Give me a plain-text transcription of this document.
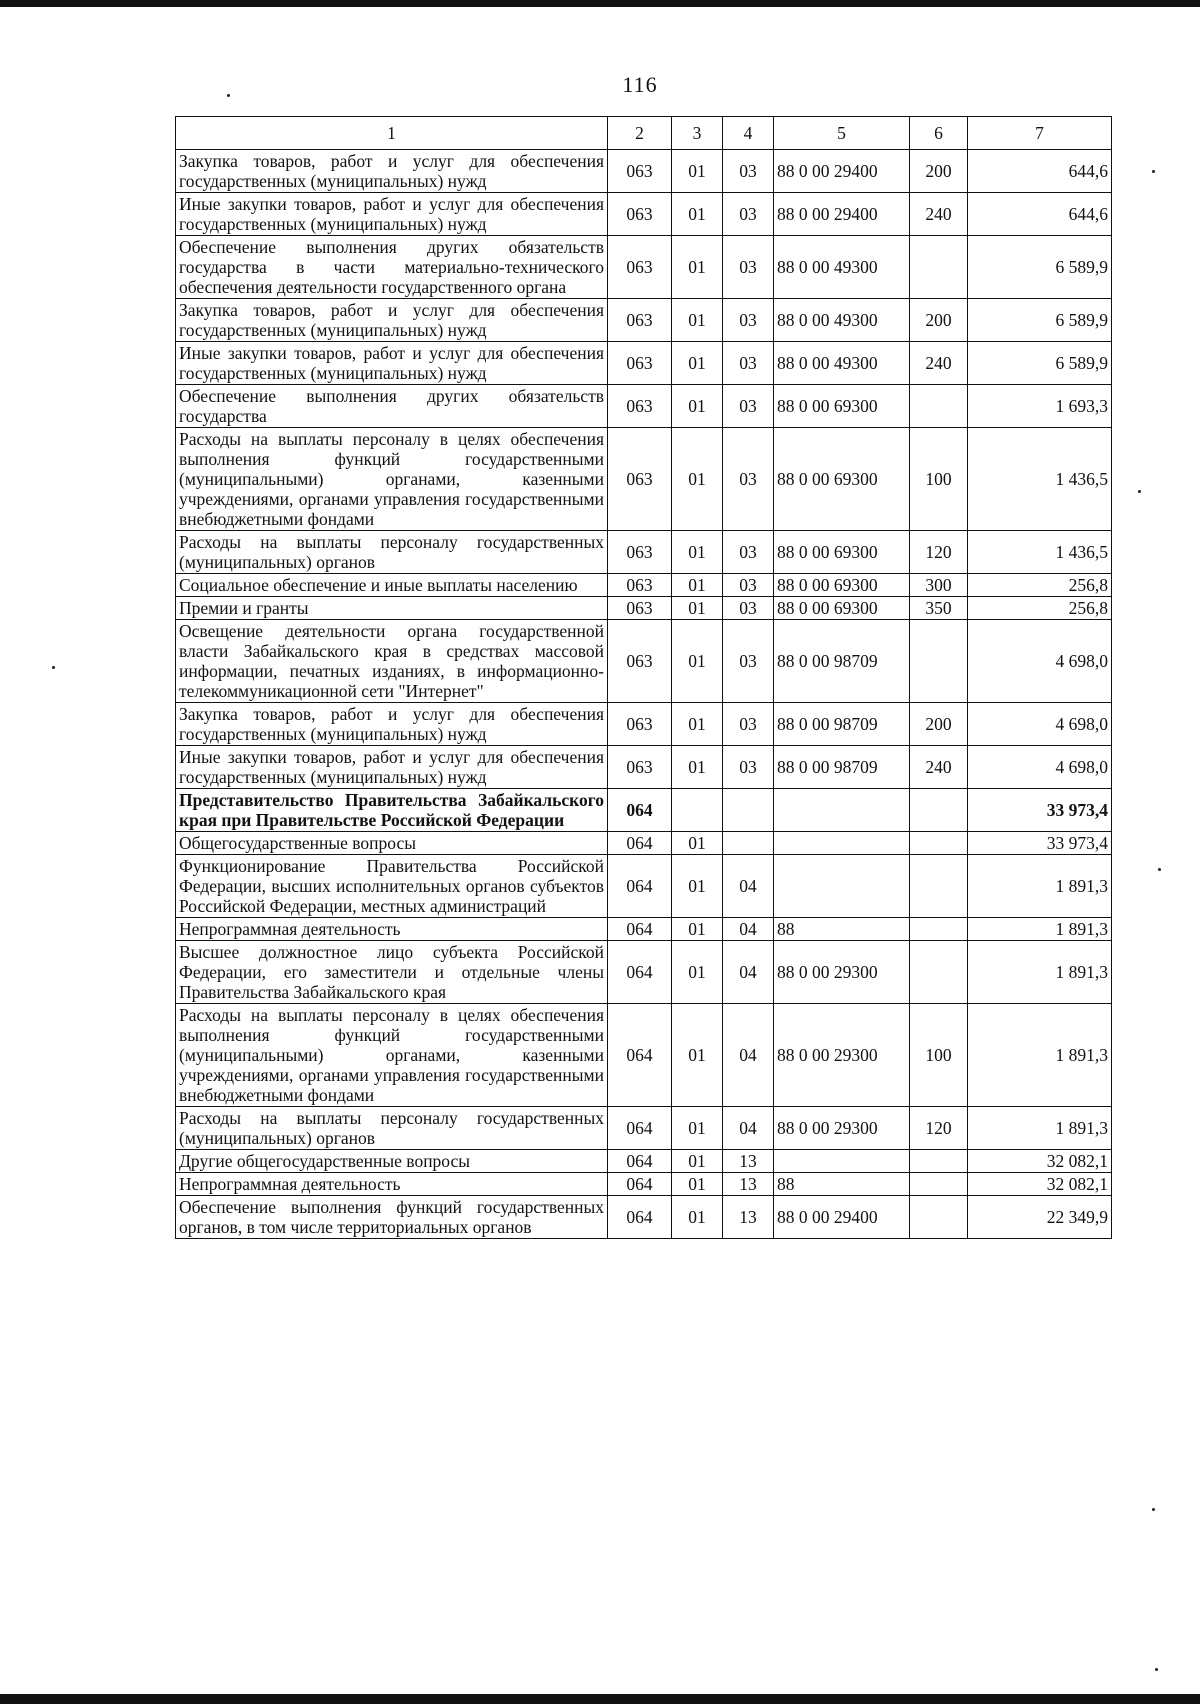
116
1	2	3	4	5	6	7
Закупка товаров, работ и услуг для обеспечения государственных (муниципальных) нужд	063	01	03	88 0 00 29400	200	644,6
Иные закупки товаров, работ и услуг для обеспечения государственных (муниципальных) нужд	063	01	03	88 0 00 29400	240	644,6
Обеспечение выполнения других обязательств государства в части материально-технического обеспечения деятельности государственного органа	063	01	03	88 0 00 49300		6 589,9
Закупка товаров, работ и услуг для обеспечения государственных (муниципальных) нужд	063	01	03	88 0 00 49300	200	6 589,9
Иные закупки товаров, работ и услуг для обеспечения государственных (муниципальных) нужд	063	01	03	88 0 00 49300	240	6 589,9
Обеспечение выполнения других обязательств государства	063	01	03	88 0 00 69300		1 693,3
Расходы на выплаты персоналу в целях обеспечения выполнения функций государственными (муниципальными) органами, казенными учреждениями, органами управления государственными внебюджетными фондами	063	01	03	88 0 00 69300	100	1 436,5
Расходы на выплаты персоналу государственных (муниципальных) органов	063	01	03	88 0 00 69300	120	1 436,5
Социальное обеспечение и иные выплаты населению	063	01	03	88 0 00 69300	300	256,8
Премии и гранты	063	01	03	88 0 00 69300	350	256,8
Освещение деятельности органа государственной власти Забайкальского края в средствах массовой информации, печатных изданиях, в информационно-телекоммуникационной сети "Интернет"	063	01	03	88 0 00 98709		4 698,0
Закупка товаров, работ и услуг для обеспечения государственных (муниципальных) нужд	063	01	03	88 0 00 98709	200	4 698,0
Иные закупки товаров, работ и услуг для обеспечения государственных (муниципальных) нужд	063	01	03	88 0 00 98709	240	4 698,0
Представительство Правительства Забайкальского края при Правительстве Российской Федерации	064					33 973,4
Общегосударственные вопросы	064	01				33 973,4
Функционирование Правительства Российской Федерации, высших исполнительных органов субъектов Российской Федерации, местных администраций	064	01	04			1 891,3
Непрограммная деятельность	064	01	04	88		1 891,3
Высшее должностное лицо субъекта Российской Федерации, его заместители и отдельные члены Правительства Забайкальского края	064	01	04	88 0 00 29300		1 891,3
Расходы на выплаты персоналу в целях обеспечения выполнения функций государственными (муниципальными) органами, казенными учреждениями, органами управления государственными внебюджетными фондами	064	01	04	88 0 00 29300	100	1 891,3
Расходы на выплаты персоналу государственных (муниципальных) органов	064	01	04	88 0 00 29300	120	1 891,3
Другие общегосударственные вопросы	064	01	13			32 082,1
Непрограммная деятельность	064	01	13	88		32 082,1
Обеспечение выполнения функций государственных органов, в том числе территориальных органов	064	01	13	88 0 00 29400		22 349,9
